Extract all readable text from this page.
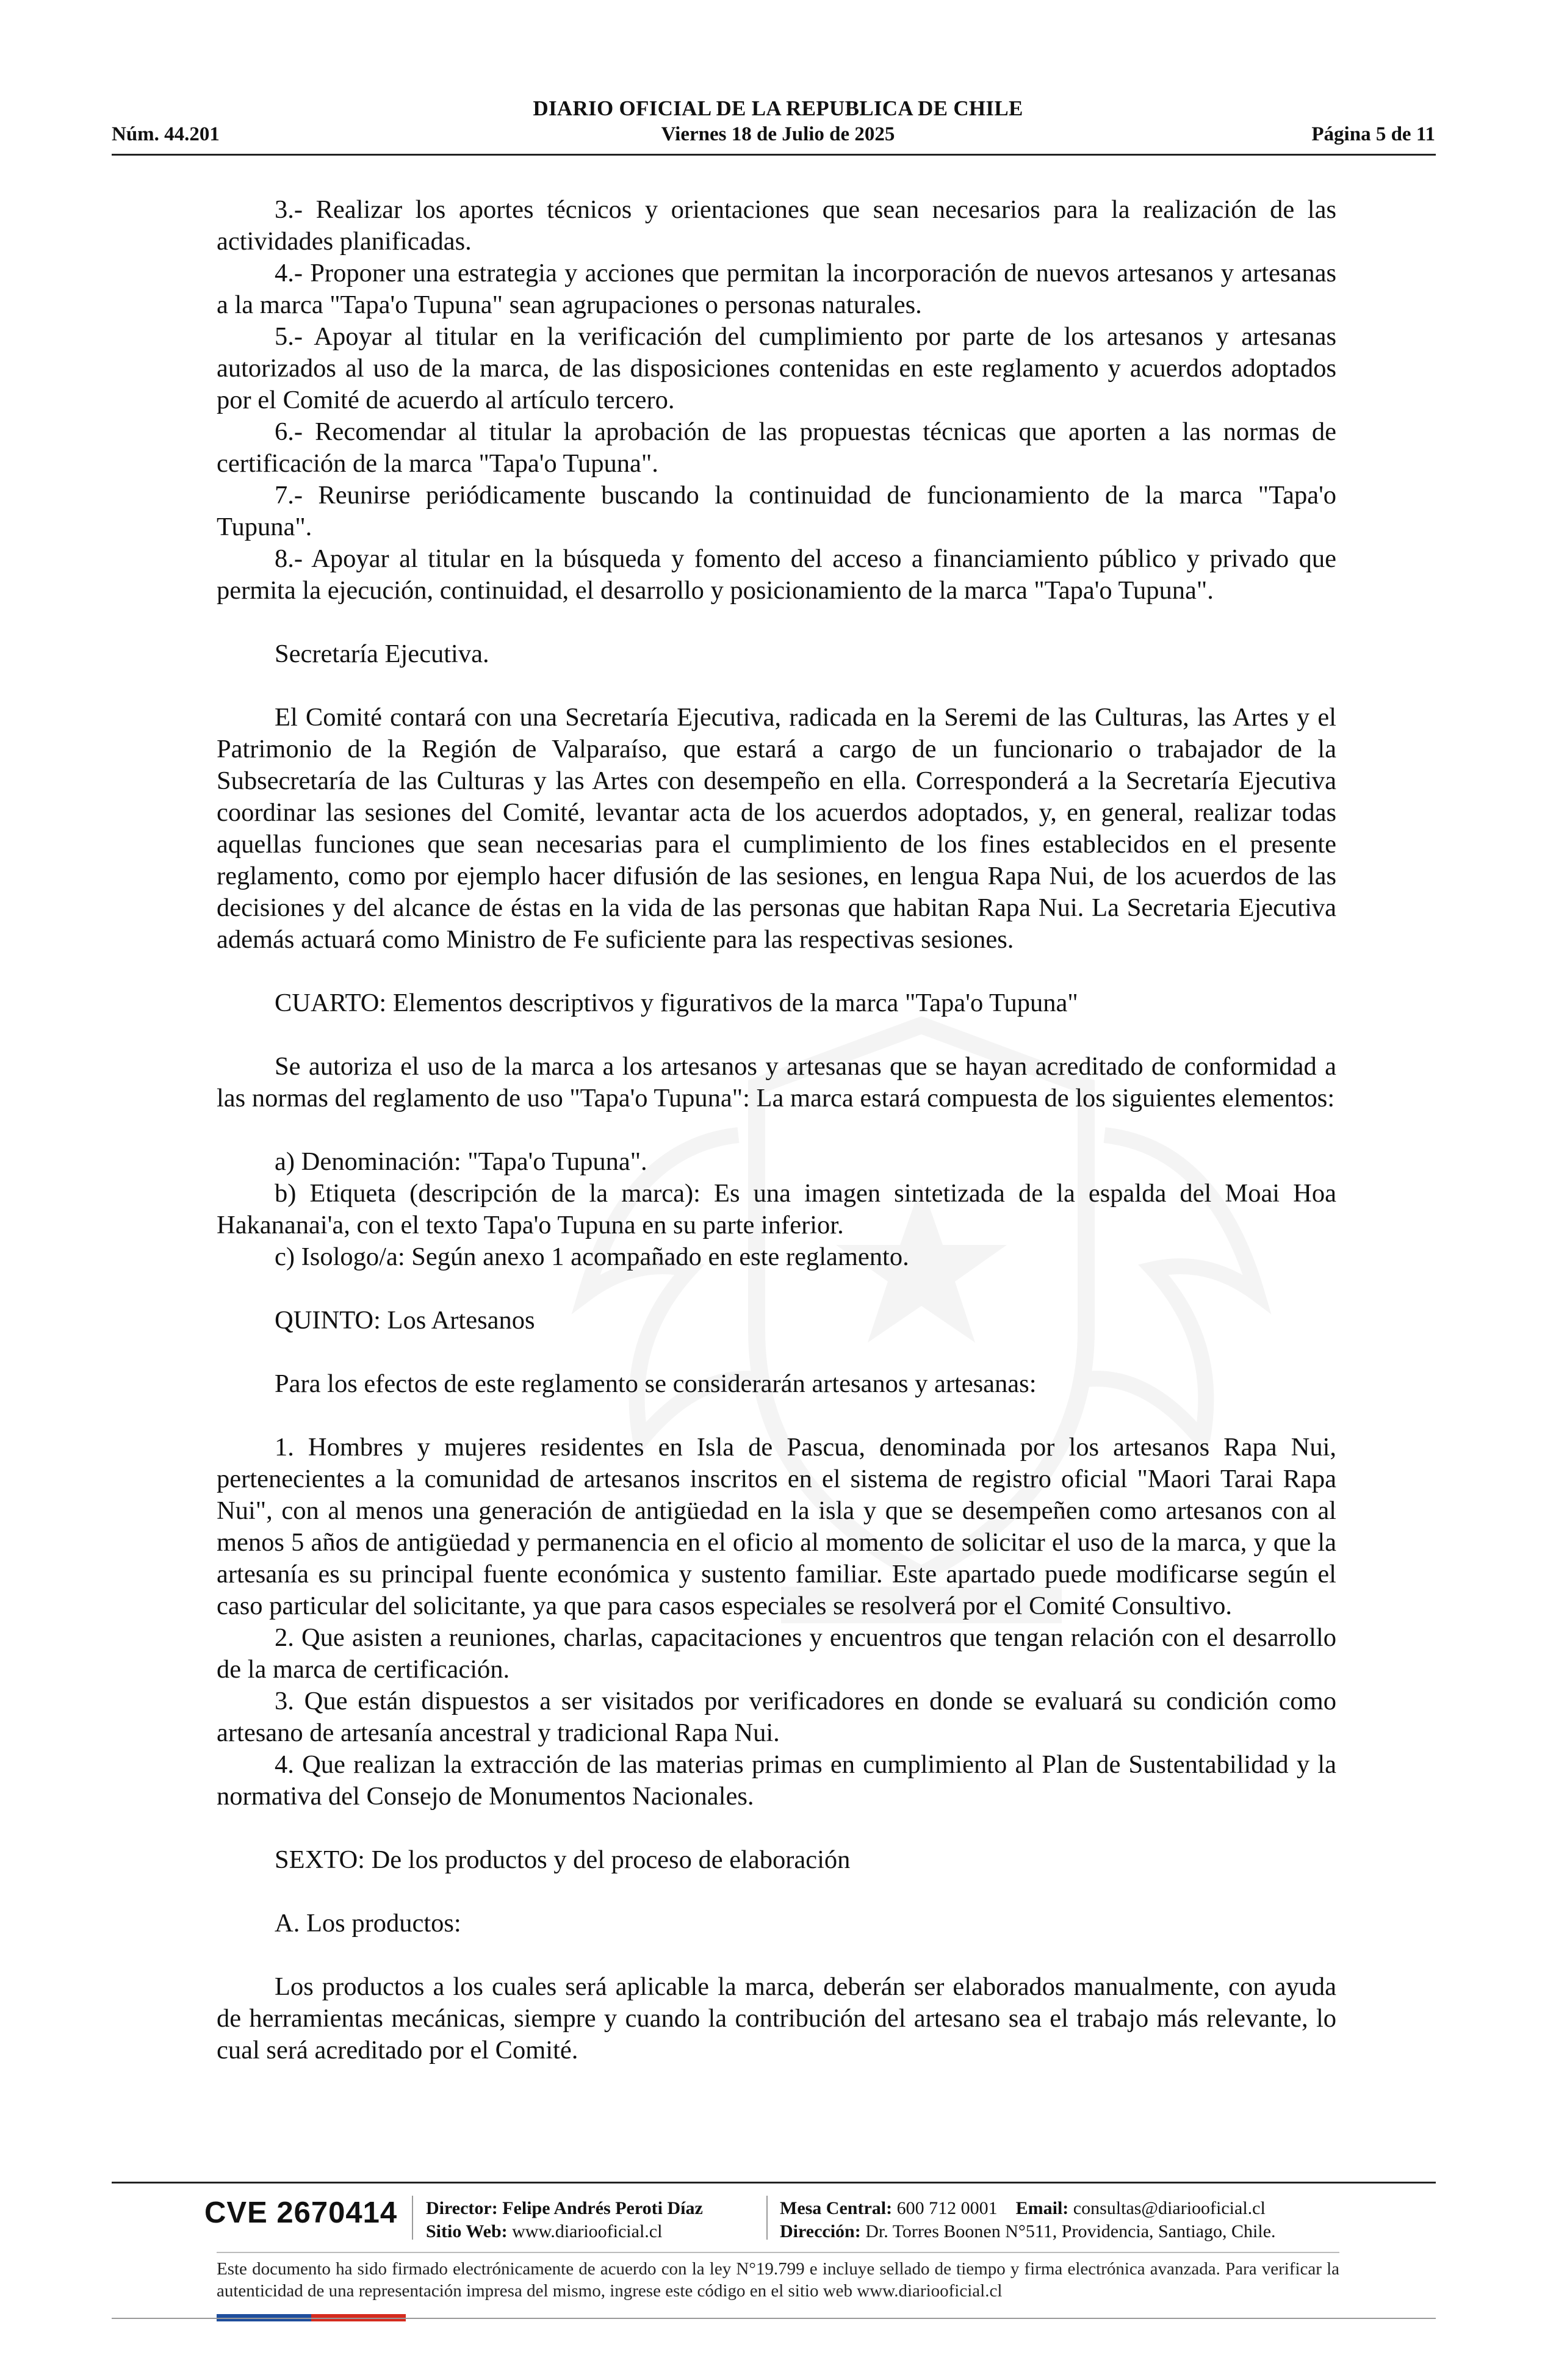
DIARIO OFICIAL DE LA REPUBLICA DE CHILE
Núm. 44.201	Viernes 18 de Julio de 2025	Página 5 de 11

3.- Realizar los aportes técnicos y orientaciones que sean necesarios para la realización de las actividades planificadas.

4.- Proponer una estrategia y acciones que permitan la incorporación de nuevos artesanos y artesanas a la marca "Tapa'o Tupuna" sean agrupaciones o personas naturales.

5.- Apoyar al titular en la verificación del cumplimiento por parte de los artesanos y artesanas autorizados al uso de la marca, de las disposiciones contenidas en este reglamento y acuerdos adoptados por el Comité de acuerdo al artículo tercero.

6.- Recomendar al titular la aprobación de las propuestas técnicas que aporten a las normas de certificación de la marca "Tapa'o Tupuna".

7.- Reunirse periódicamente buscando la continuidad de funcionamiento de la marca "Tapa'o Tupuna".

8.- Apoyar al titular en la búsqueda y fomento del acceso a financiamiento público y privado que permita la ejecución, continuidad, el desarrollo y posicionamiento de la marca "Tapa'o Tupuna".

Secretaría Ejecutiva.

El Comité contará con una Secretaría Ejecutiva, radicada en la Seremi de las Culturas, las Artes y el Patrimonio de la Región de Valparaíso, que estará a cargo de un funcionario o trabajador de la Subsecretaría de las Culturas y las Artes con desempeño en ella. Corresponderá a la Secretaría Ejecutiva coordinar las sesiones del Comité, levantar acta de los acuerdos adoptados, y, en general, realizar todas aquellas funciones que sean necesarias para el cumplimiento de los fines establecidos en el presente reglamento, como por ejemplo hacer difusión de las sesiones, en lengua Rapa Nui, de los acuerdos de las decisiones y del alcance de éstas en la vida de las personas que habitan Rapa Nui. La Secretaria Ejecutiva además actuará como Ministro de Fe suficiente para las respectivas sesiones.

CUARTO: Elementos descriptivos y figurativos de la marca "Tapa'o Tupuna"

Se autoriza el uso de la marca a los artesanos y artesanas que se hayan acreditado de conformidad a las normas del reglamento de uso "Tapa'o Tupuna": La marca estará compuesta de los siguientes elementos:

a) Denominación: "Tapa'o Tupuna".

b) Etiqueta (descripción de la marca): Es una imagen sintetizada de la espalda del Moai Hoa Hakananai'a, con el texto Tapa'o Tupuna en su parte inferior.

c) Isologo/a: Según anexo 1 acompañado en este reglamento.

QUINTO: Los Artesanos

Para los efectos de este reglamento se considerarán artesanos y artesanas:

1. Hombres y mujeres residentes en Isla de Pascua, denominada por los artesanos Rapa Nui, pertenecientes a la comunidad de artesanos inscritos en el sistema de registro oficial "Maori Tarai Rapa Nui", con al menos una generación de antigüedad en la isla y que se desempeñen como artesanos con al menos 5 años de antigüedad y permanencia en el oficio al momento de solicitar el uso de la marca, y que la artesanía es su principal fuente económica y sustento familiar. Este apartado puede modificarse según el caso particular del solicitante, ya que para casos especiales se resolverá por el Comité Consultivo.

2. Que asisten a reuniones, charlas, capacitaciones y encuentros que tengan relación con el desarrollo de la marca de certificación.

3. Que están dispuestos a ser visitados por verificadores en donde se evaluará su condición como artesano de artesanía ancestral y tradicional Rapa Nui.

4. Que realizan la extracción de las materias primas en cumplimiento al Plan de Sustentabilidad y la normativa del Consejo de Monumentos Nacionales.

SEXTO: De los productos y del proceso de elaboración

A. Los productos:

Los productos a los cuales será aplicable la marca, deberán ser elaborados manualmente, con ayuda de herramientas mecánicas, siempre y cuando la contribución del artesano sea el trabajo más relevante, lo cual será acreditado por el Comité.

CVE 2670414 Director: Felipe Andrés Peroti Díaz
Sitio Web: www.diariooficial.cl
Mesa Central: 600 712 0001 Email: consultas@diariooficial.cl
Dirección: Dr. Torres Boonen N°511, Providencia, Santiago, Chile.
Este documento ha sido firmado electrónicamente de acuerdo con la ley N°19.799 e incluye sellado de tiempo y firma electrónica avanzada. Para verificar la autenticidad de una representación impresa del mismo, ingrese este código en el sitio web www.diariooficial.cl
